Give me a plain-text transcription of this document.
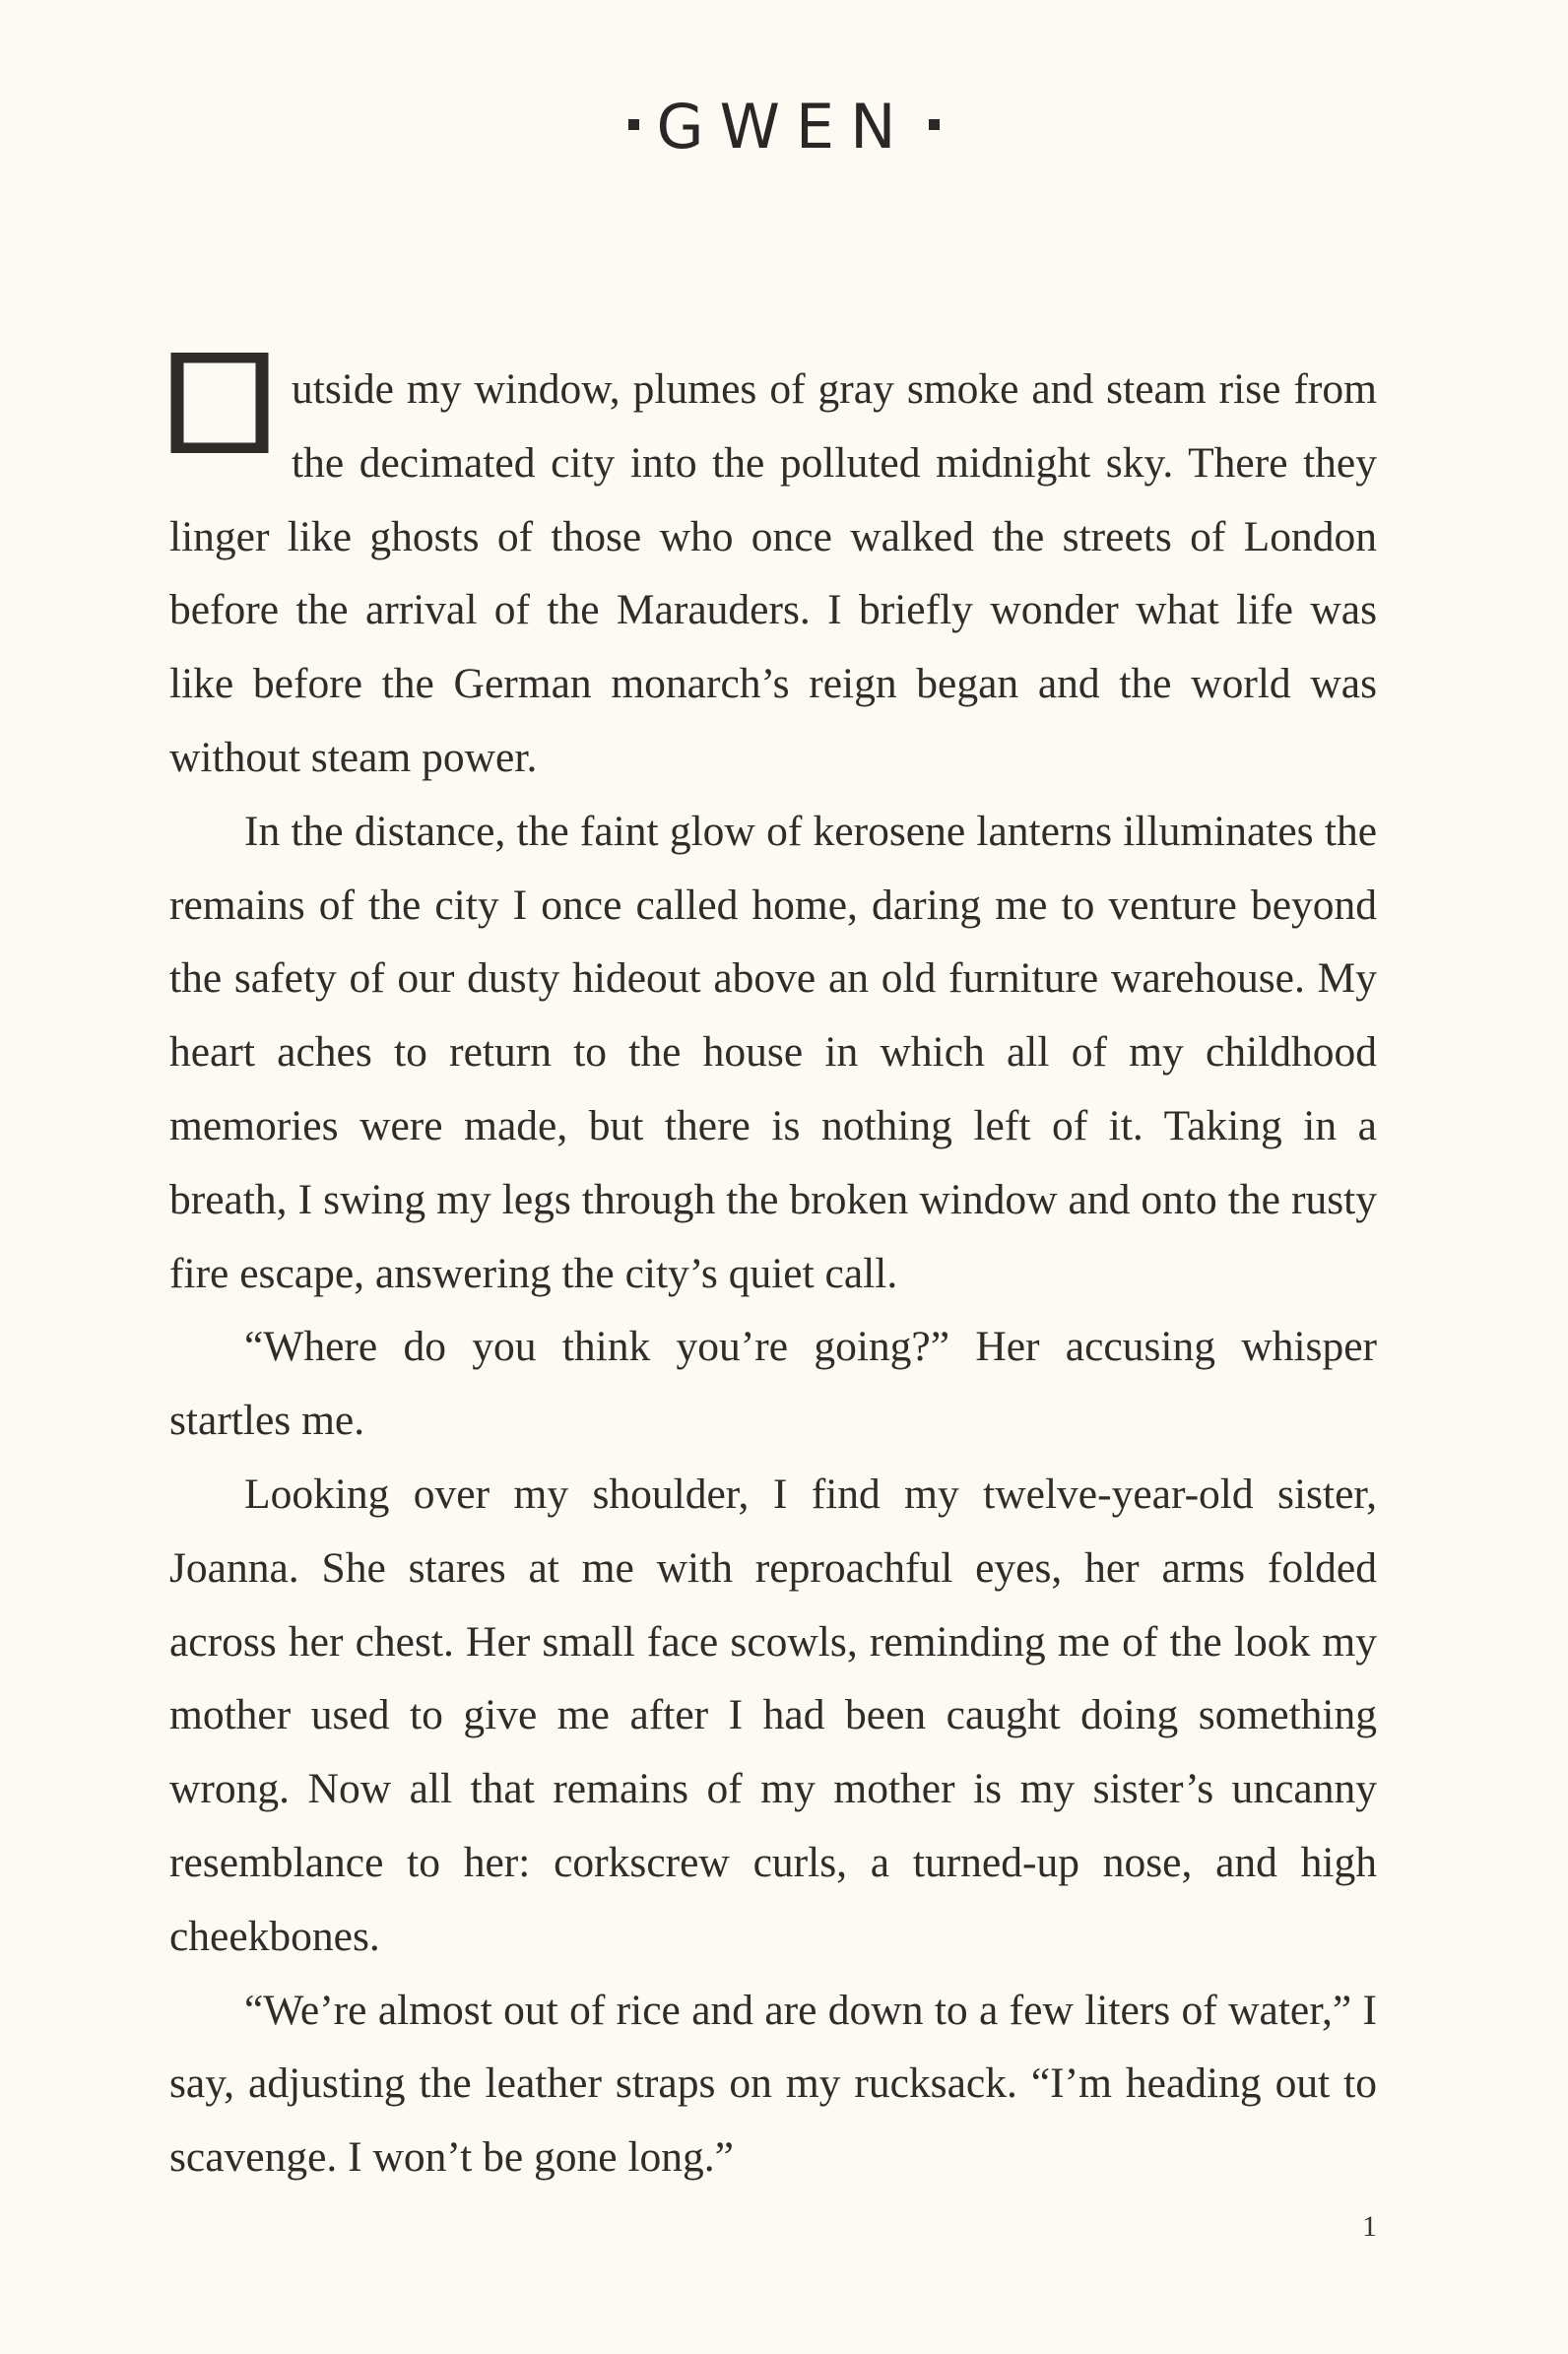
GWEN

utside my window, plumes of gray smoke and steam rise from the decimated city into the polluted midnight sky. There they linger like ghosts of those who once walked the streets of London before the arrival of the Marauders. I briefly wonder what life was like before the German monarch’s reign began and the world was without steam power.

In the distance, the faint glow of kerosene lanterns illuminates the remains of the city I once called home, daring me to venture beyond the safety of our dusty hideout above an old furniture warehouse. My heart aches to return to the house in which all of my childhood memories were made, but there is nothing left of it. Taking in a breath, I swing my legs through the broken window and onto the rusty fire escape, answering the city’s quiet call.

“Where do you think you’re going?” Her accusing whisper startles me.

Looking over my shoulder, I find my twelve-year-old sister, Joanna. She stares at me with reproachful eyes, her arms folded across her chest. Her small face scowls, reminding me of the look my mother used to give me after I had been caught doing something wrong. Now all that remains of my mother is my sister’s uncanny resemblance to her: corkscrew curls, a turned-up nose, and high cheekbones.

“We’re almost out of rice and are down to a few liters of water,” I say, adjusting the leather straps on my rucksack. “I’m heading out to scavenge. I won’t be gone long.”

1
